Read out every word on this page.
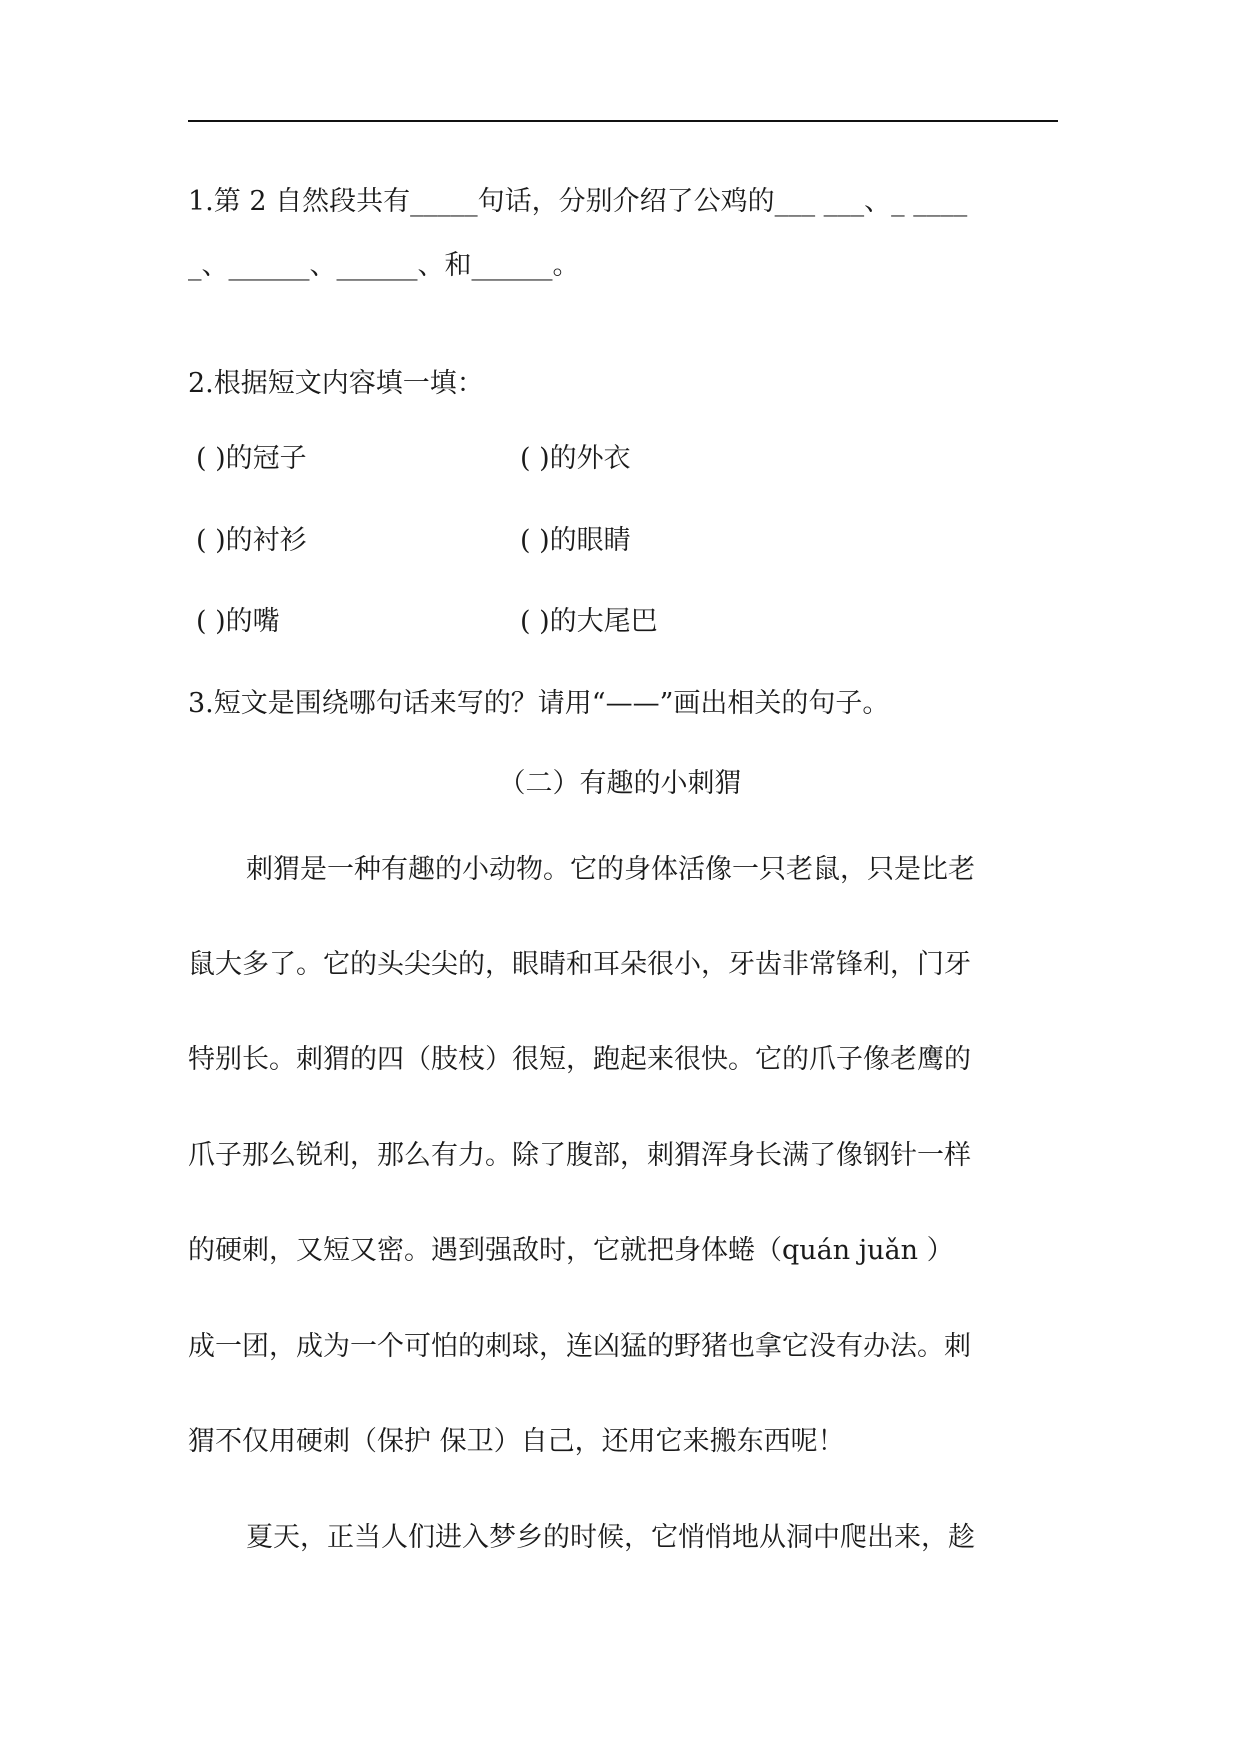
1.第 2 自然段共有_____句话，分别介绍了公鸡的___ ___、_ ____
_、______、______、和______。
2.根据短文内容填一填：
( )的冠子	( )的外衣
( )的衬衫	( )的眼睛
( )的嘴	( )的大尾巴
3.短文是围绕哪句话来写的？请用“——”画出相关的句子。
（二）有趣的小刺猬
刺猬是一种有趣的小动物。它的身体活像一只老鼠，只是比老
鼠大多了。它的头尖尖的，眼睛和耳朵很小，牙齿非常锋利，门牙
特别长。刺猬的四（肢枝）很短，跑起来很快。它的爪子像老鹰的
爪子那么锐利，那么有力。除了腹部，刺猬浑身长满了像钢针一样
的硬刺，又短又密。遇到强敌时，它就把身体蜷（quán juǎn ）
成一团，成为一个可怕的刺球，连凶猛的野猪也拿它没有办法。刺
猬不仅用硬刺（保护 保卫）自己，还用它来搬东西呢！
夏天，正当人们进入梦乡的时候，它悄悄地从洞中爬出来，趁
